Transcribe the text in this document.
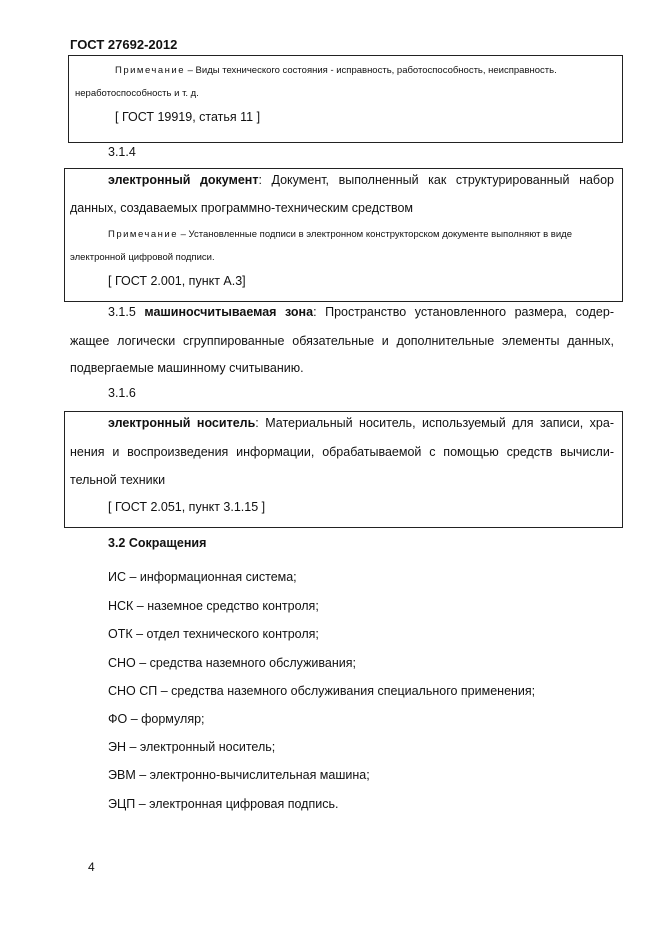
ГОСТ 27692-2012
Примечание – Виды технического состояния - исправность, работоспособность, неисправность.
неработоспособность и т. д.
[ ГОСТ 19919, статья 11 ]
3.1.4
электронный документ: Документ, выполненный как структурированный набор
данных, создаваемых программно-техническим средством
Примечание – Установленные подписи в электронном конструкторском документе выполняют в виде
электронной цифровой подписи.
[ ГОСТ 2.001, пункт А.3]
3.1.5 машиносчитываемая зона: Пространство установленного размера, содер-
жащее логически сгруппированные обязательные и дополнительные элементы данных,
подвергаемые машинному считыванию.
3.1.6
электронный носитель: Материальный носитель, используемый для записи, хра-
нения и воспроизведения информации, обрабатываемой с помощью средств вычисли-
тельной техники
[ ГОСТ 2.051, пункт 3.1.15 ]
3.2 Сокращения
ИС – информационная система;
НСК – наземное средство контроля;
ОТК – отдел технического контроля;
СНО – средства наземного обслуживания;
СНО СП – средства наземного обслуживания специального применения;
ФО – формуляр;
ЭН – электронный носитель;
ЭВМ – электронно-вычислительная машина;
ЭЦП – электронная цифровая подпись.
4
